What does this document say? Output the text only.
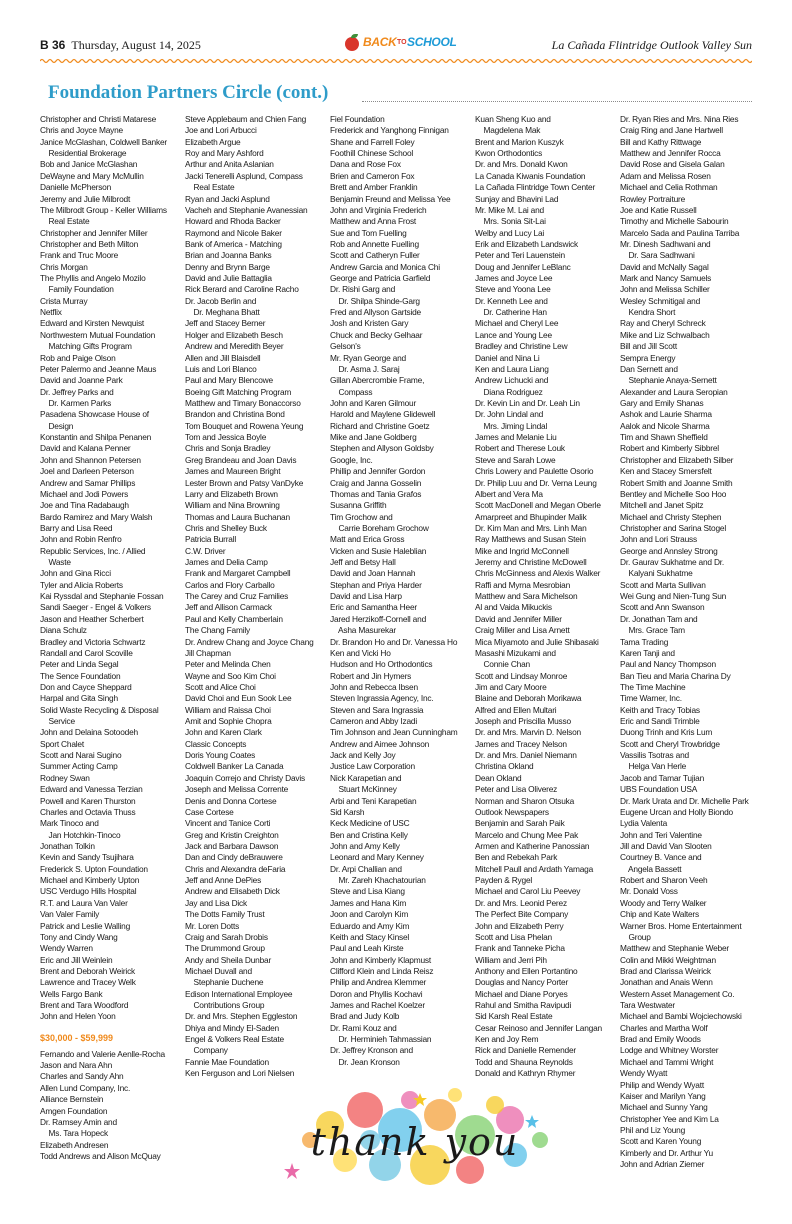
B 36 Thursday, August 14, 2025	BACK TO SCHOOL	La Cañada Flintridge Outlook Valley Sun
Foundation Partners Circle (cont.)
Christopher and Christi Matarese
Chris and Joyce Mayne
Janice McGlashan, Coldwell Banker
Residential Brokerage
Bob and Janice McGlashan
DeWayne and Mary McMullin
Danielle McPherson
Jeremy and Julie Milbrodt
The Milbrodt Group - Keller Williams
Real Estate
Christopher and Jennifer Miller
Christopher and Beth Milton
Frank and Truc Moore
Chris Morgan
The Phyllis and Angelo Mozilo
Family Foundation
Crista Murray
Netflix
Edward and Kirsten Newquist
Northwestern Mutual Foundation
Matching Gifts Program
Rob and Paige Olson
Peter Palermo and Jeanne Maus
David and Joanne Park
Dr. Jeffrey Parks and
Dr. Karmen Parks
Pasadena Showcase House of
Design
Konstantin and Shilpa Penanen
David and Kalana Penner
John and Shannon Petersen
Joel and Darleen Peterson
Andrew and Samar Phillips
Michael and Jodi Powers
Joe and Tina Radabaugh
Bardo Ramirez and Mary Walsh
Barry and Lisa Reed
John and Robin Renfro
Republic Services, Inc. / Allied
Waste
John and Gina Ricci
Tyler and Alicia Roberts
Kai Ryssdal and Stephanie Fossan
Sandi Saeger - Engel & Volkers
Jason and Heather Scherbert
Diana Schulz
Bradley and Victoria Schwartz
Randall and Carol Scoville
Peter and Linda Segal
The Sence Foundation
Don and Cayce Sheppard
Harpal and Gita Singh
Solid Waste Recycling & Disposal
Service
John and Delaina Sotoodeh
Sport Chalet
Scott and Narai Sugino
Summer Acting Camp
Rodney Swan
Edward and Vanessa Terzian
Powell and Karen Thurston
Charles and Octavia Thuss
Mark Tinoco and
Jan Hotchkin-Tinoco
Jonathan Tolkin
Kevin and Sandy Tsujihara
Frederick S. Upton Foundation
Michael and Kimberly Upton
USC Verdugo Hills Hospital
R.T. and Laura Van Valer
Van Valer Family
Patrick and Leslie Walling
Tony and Cindy Wang
Wendy Warren
Eric and Jill Weinlein
Brent and Deborah Weirick
Lawrence and Tracey Welk
Wells Fargo Bank
Brent and Tara Woodford
John and Helen Yoon
$30,000 - $59,999
Fernando and Valerie Aenlle-Rocha
Jason and Nara Ahn
Charles and Sandy Ahn
Allen Lund Company, Inc.
Alliance Bernstein
Amgen Foundation
Dr. Ramsey Amin and
Ms. Tara Hopeck
Elizabeth Andresen
Todd Andrews and Alison McQuay
Steve Applebaum and Chien Fang
Joe and Lori Arbucci
Elizabeth Argue
Roy and Mary Ashford
Arthur and Anita Aslanian
Jacki Tenerelli Asplund, Compass
Real Estate
Ryan and Jacki Asplund
Vacheh and Stephanie Avanessian
Howard and Rhoda Backer
Raymond and Nicole Baker
Bank of America - Matching
Brian and Joanna Banks
Denny and Brynn Barge
David and Julie Battaglia
Rick Berard and Caroline Racho
Dr. Jacob Berlin and
Dr. Meghana Bhatt
Jeff and Stacey Berner
Holger and Elizabeth Besch
Andrew and Meredith Beyer
Allen and Jill Blaisdell
Luis and Lori Blanco
Paul and Mary Blencowe
Boeing Gift Matching Program
Matthew and Timary Bonaccorso
Brandon and Christina Bond
Tom Bouquet and Rowena Yeung
Tom and Jessica Boyle
Chris and Sonja Bradley
Greg Brandeau and Joan Davis
James and Maureen Bright
Lester Brown and Patsy VanDyke
Larry and Elizabeth Brown
William and Nina Browning
Thomas and Laura Buchanan
Chris and Shelley Buck
Patricia Burrall
C.W. Driver
James and Delia Camp
Frank and Margaret Campbell
Carlos and Flory Carballo
The Carey and Cruz Families
Jeff and Allison Carmack
Paul and Kelly Chamberlain
The Chang Family
Dr. Andrew Chang and Joyce Chang
Jill Chapman
Peter and Melinda Chen
Wayne and Soo Kim Choi
Scott and Alice Choi
David Choi and Eun Sook Lee
William and Raissa Choi
Amit and Sophie Chopra
John and Karen Clark
Classic Concepts
Doris Young Coates
Coldwell Banker La Canada
Joaquin Correjo and Christy Davis
Joseph and Melissa Corrente
Denis and Donna Cortese
Case Cortese
Vincent and Tanice Corti
Greg and Kristin Creighton
Jack and Barbara Dawson
Dan and Cindy deBrauwere
Chris and Alexandra deFaria
Jeff and Anne DePies
Andrew and Elisabeth Dick
Jay and Lisa Dick
The Dotts Family Trust
Mr. Loren Dotts
Craig and Sarah Drobis
The Drummond Group
Andy and Sheila Dunbar
Michael Duvall and
Stephanie Duchene
Edison International Employee
Contributions Group
Dr. and Mrs. Stephen Eggleston
Dhiya and Mindy El-Saden
Engel & Volkers Real Estate
Company
Fannie Mae Foundation
Ken Ferguson and Lori Nielsen
Fiel Foundation
Frederick and Yanghong Finnigan
Shane and Farrell Foley
Foothill Chinese School
Dana and Rose Fox
Brien and Cameron Fox
Brett and Amber Franklin
Benjamin Freund and Melissa Yee
John and Virginia Frederich
Matthew and Anna Frost
Sue and Tom Fuelling
Rob and Annette Fuelling
Scott and Catheryn Fuller
Andrew Garcia and Monica Chi
George and Patricia Garfield
Dr. Rishi Garg and
Dr. Shilpa Shinde-Garg
Fred and Allyson Gartside
Josh and Kristen Gary
Chuck and Becky Gelhaar
Gelson's
Mr. Ryan George and
Dr. Asma J. Saraj
Gillan Abercrombie Frame,
Compass
John and Karen Gilmour
Harold and Maylene Glidewell
Richard and Christine Goetz
Mike and Jane Goldberg
Stephen and Allyson Goldsby
Google, Inc.
Phillip and Jennifer Gordon
Craig and Janna Gosselin
Thomas and Tania Grafos
Susanna Griffith
Tim Grochow and
Carrie Boreham Grochow
Matt and Erica Gross
Vicken and Susie Haleblian
Jeff and Betsy Hall
David and Joan Hannah
Stephan and Priya Harder
David and Lisa Harp
Eric and Samantha Heer
Jared Herzikoff-Cornell and
Asha Masurekar
Dr. Brandon Ho and Dr. Vanessa Ho
Ken and Vicki Ho
Hudson and Ho Orthodontics
Robert and Jin Hymers
John and Rebecca Ibsen
Steven Ingrassia Agency, Inc.
Steven and Sara Ingrassia
Cameron and Abby Izadi
Tim Johnson and Jean Cunningham
Andrew and Aimee Johnson
Jack and Kelly Joy
Justice Law Corporation
Nick Karapetian and
Stuart McKinney
Arbi and Teni Karapetian
Sid Karsh
Keck Medicine of USC
Ben and Cristina Kelly
John and Amy Kelly
Leonard and Mary Kenney
Dr. Arpi Challian and
Mr. Zareh Khachatourian
Steve and Lisa Kiang
James and Hana Kim
Joon and Carolyn Kim
Eduardo and Amy Kim
Keith and Stacy Kinsel
Paul and Leah Kirste
John and Kimberly Klapmust
Clifford Klein and Linda Reisz
Philip and Andrea Klemmer
Doron and Phyllis Kochavi
James and Rachel Koelzer
Brad and Judy Kolb
Dr. Rami Kouz and
Dr. Herminieh Tahmassian
Dr. Jeffrey Kronson and
Dr. Jean Kronson
Kuan Sheng Kuo and
Magdelena Mak
Brent and Marion Kuszyk
Kwon Orthodontics
Dr. and Mrs. Donald Kwon
La Canada Kiwanis Foundation
La Cañada Flintridge Town Center
Sunjay and Bhavini Lad
Mr. Mike M. Lai and
Mrs. Sonia Sit-Lai
Welby and Lucy Lai
Erik and Elizabeth Landswick
Peter and Teri Lauenstein
Doug and Jennifer LeBlanc
James and Joyce Lee
Steve and Yoona Lee
Dr. Kenneth Lee and
Dr. Catherine Han
Michael and Cheryl Lee
Lance and Young Lee
Bradley and Christine Lew
Daniel and Nina Li
Ken and Laura Liang
Andrew Lichucki and
Diana Rodriguez
Dr. Kevin Lin and Dr. Leah Lin
Dr. John Lindal and
Mrs. Jiming Lindal
James and Melanie Liu
Robert and Therese Louk
Steve and Sarah Lowe
Chris Lowery and Paulette Osorio
Dr. Philip Luu and Dr. Verna Leung
Albert and Vera Ma
Scott MacDonell and Megan Oberle
Amarpreet and Bhupinder Malik
Dr. Kim Man and Mrs. Linh Man
Ray Matthews and Susan Stein
Mike and Ingrid McConnell
Jeremy and Christine McDowell
Chris McGinness and Alexis Walker
Raffi and Myrna Mesrobian
Matthew and Sara Michelson
Al and Vaida Mikuckis
David and Jennifer Miller
Craig Miller and Lisa Arnett
Mica Miyamoto and Julie Shibasaki
Masashi Mizukami and
Connie Chan
Scott and Lindsay Monroe
Jim and Cary Moore
Blaine and Deborah Morikawa
Alfred and Ellen Multari
Joseph and Priscilla Musso
Dr. and Mrs. Marvin D. Nelson
James and Tracey Nelson
Dr. and Mrs. Daniel Niemann
Christina Okland
Dean Okland
Peter and Lisa Oliverez
Norman and Sharon Otsuka
Outlook Newspapers
Benjamin and Sarah Paik
Marcelo and Chung Mee Pak
Armen and Katherine Panossian
Ben and Rebekah Park
Mitchell Paull and Ardath Yamaga
Payden & Rygel
Michael and Carol Liu Peevey
Dr. and Mrs. Leonid Perez
The Perfect Bite Company
John and Elizabeth Perry
Scott and Lisa Phelan
Frank and Tanneke Picha
William and Jerri Pih
Anthony and Ellen Portantino
Douglas and Nancy Porter
Michael and Diane Poryes
Rahul and Smitha Ravipudi
Sid Karsh Real Estate
Cesar Reinoso and Jennifer Langan
Ken and Joy Rem
Rick and Danielle Remender
Todd and Shauna Reynolds
Donald and Kathryn Rhymer
Dr. Ryan Ries and Mrs. Nina Ries
Craig Ring and Jane Hartwell
Bill and Kathy Rittwage
Matthew and Jennifer Rocca
David Rose and Gisela Galan
Adam and Melissa Rosen
Michael and Celia Rothman
Rowley Portraiture
Joe and Katie Russell
Timothy and Michelle Sabourin
Marcelo Sada and Paulina Tarriba
Mr. Dinesh Sadhwani and
Dr. Sara Sadhwani
David and McNally Sagal
Mark and Nancy Samuels
John and Melissa Schiller
Wesley Schmitigal and
Kendra Short
Ray and Cheryl Schreck
Mike and Liz Schwalbach
Bill and Jill Scott
Sempra Energy
Dan Sernett and
Stephanie Anaya-Sernett
Alexander and Laura Seropian
Gary and Emily Shanas
Ashok and Laurie Sharma
Aalok and Nicole Sharma
Tim and Shawn Sheffield
Robert and Kimberly Sibbrel
Christopher and Elizabeth Silber
Ken and Stacey Smersfelt
Robert Smith and Joanne Smith
Bentley and Michelle Soo Hoo
Mitchell and Janet Spitz
Michael and Christy Stephen
Christopher and Sarina Stogel
John and Lori Strauss
George and Annsley Strong
Dr. Gaurav Sukhatme and Dr.
Kalyani Sukhatme
Scott and Marta Sullivan
Wei Gung and Nien-Tung Sun
Scott and Ann Swanson
Dr. Jonathan Tam and
Mrs. Grace Tam
Tama Trading
Karen Tanji and
Paul and Nancy Thompson
Ban Tieu and Maria Charina Dy
The Time Machine
Time Warner, Inc.
Keith and Tracy Tobias
Eric and Sandi Trimble
Duong Trinh and Kris Lum
Scott and Cheryl Trowbridge
Vassilis Tsotras and
Helga Van Herle
Jacob and Tamar Tujian
UBS Foundation USA
Dr. Mark Urata and Dr. Michelle Park
Eugene Urcan and Holly Biondo
Lydia Valenta
John and Teri Valentine
Jill and David Van Slooten
Courtney B. Vance and
Angela Bassett
Robert and Sharon Veeh
Mr. Donald Voss
Woody and Terry Walker
Chip and Kate Walters
Warner Bros. Home Entertainment
Group
Matthew and Stephanie Weber
Colin and Mikki Weightman
Brad and Clarissa Weirick
Jonathan and Anais Wenn
Western Asset Management Co.
Tara Westwater
Michael and Bambi Wojciechowski
Charles and Martha Wolf
Brad and Emily Woods
Lodge and Whitney Worster
Michael and Tammi Wright
Wendy Wyatt
Philip and Wendy Wyatt
Kaiser and Marilyn Yang
Michael and Sunny Yang
Christopher Yee and Kim La
Phil and Liz Young
Scott and Karen Young
Kimberly and Dr. Arthur Yu
John and Adrian Ziemer
thank you
